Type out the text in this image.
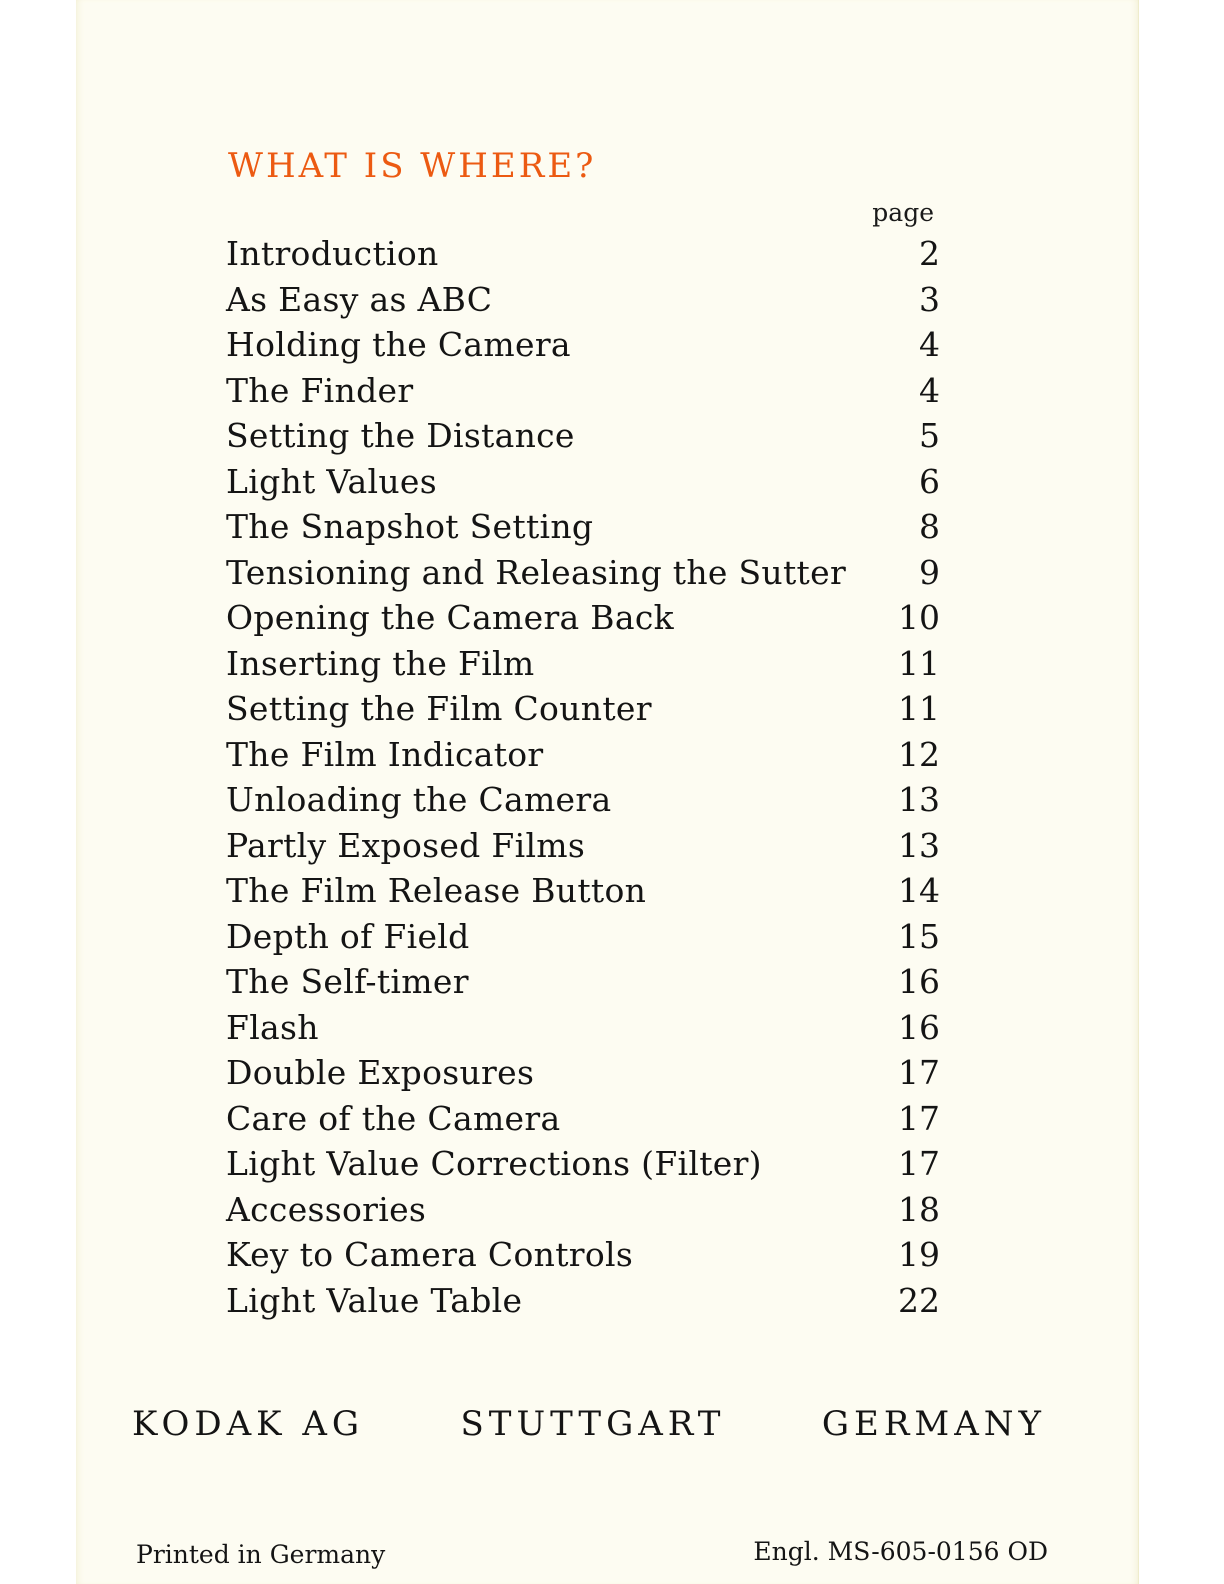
WHAT IS WHERE?
page
Introduction	2
As Easy as ABC	3
Holding the Camera	4
The Finder	4
Setting the Distance	5
Light Values	6
The Snapshot Setting	8
Tensioning and Releasing the Sutter	9
Opening the Camera Back	10
Inserting the Film	11
Setting the Film Counter	11
The Film Indicator	12
Unloading the Camera	13
Partly Exposed Films	13
The Film Release Button	14
Depth of Field	15
The Self-timer	16
Flash	16
Double Exposures	17
Care of the Camera	17
Light Value Corrections (Filter)	17
Accessories	18
Key to Camera Controls	19
Light Value Table	22
KODAK AG	STUTTGART	GERMANY
Printed in Germany	Engl. MS-605-0156 OD
